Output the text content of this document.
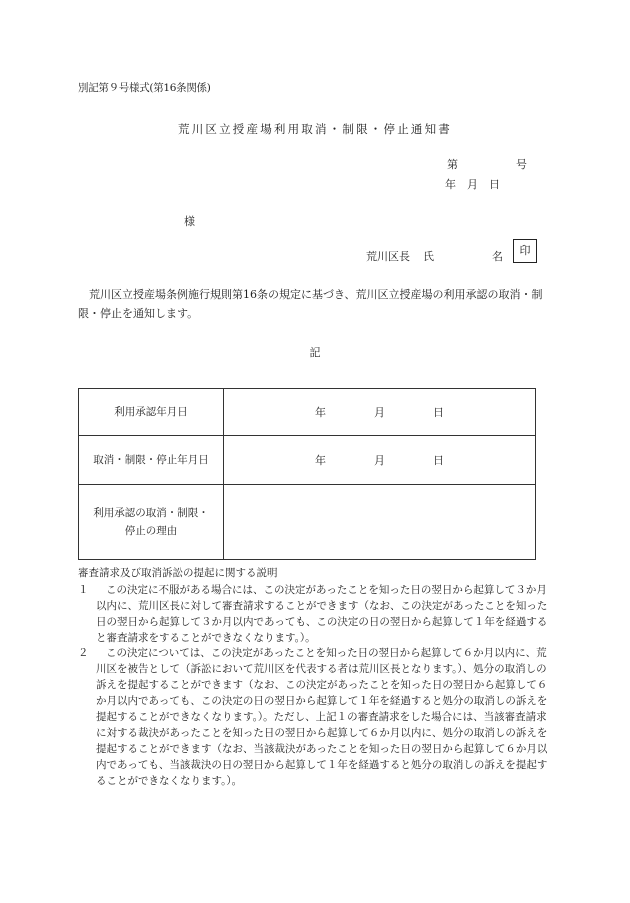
別記第９号様式(第16条関係)
荒川区立授産場利用取消・制限・停止通知書
第	号
年　月　日
様
荒川区長 氏	名	印
荒川区立授産場条例施行規則第16条の規定に基づき、荒川区立授産場の利用承認の取消・制限・停止を通知します。
記
利用承認年月日	年 月 日

取消・制限・停止年月日	年 月 日

利用承認の取消・制限・停止の理由	
審査請求及び取消訴訟の提起に関する説明
１	この決定に不服がある場合には、この決定があったことを知った日の翌日から起算して３か月以内に、荒川区長に対して審査請求することができます（なお、この決定があったことを知った日の翌日から起算して３か月以内であっても、この決定の日の翌日から起算して１年を経過すると審査請求をすることができなくなります。）。
２	この決定については、この決定があったことを知った日の翌日から起算して６か月以内に、荒川区を被告として（訴訟において荒川区を代表する者は荒川区長となります。）、処分の取消しの訴えを提起することができます（なお、この決定があったことを知った日の翌日から起算して６か月以内であっても、この決定の日の翌日から起算して１年を経過すると処分の取消しの訴えを提起することができなくなります。）。ただし、上記１の審査請求をした場合には、当該審査請求に対する裁決があったことを知った日の翌日から起算して６か月以内に、処分の取消しの訴えを提起することができます（なお、当該裁決があったことを知った日の翌日から起算して６か月以内であっても、当該裁決の日の翌日から起算して１年を経過すると処分の取消しの訴えを提起することができなくなります。）。
